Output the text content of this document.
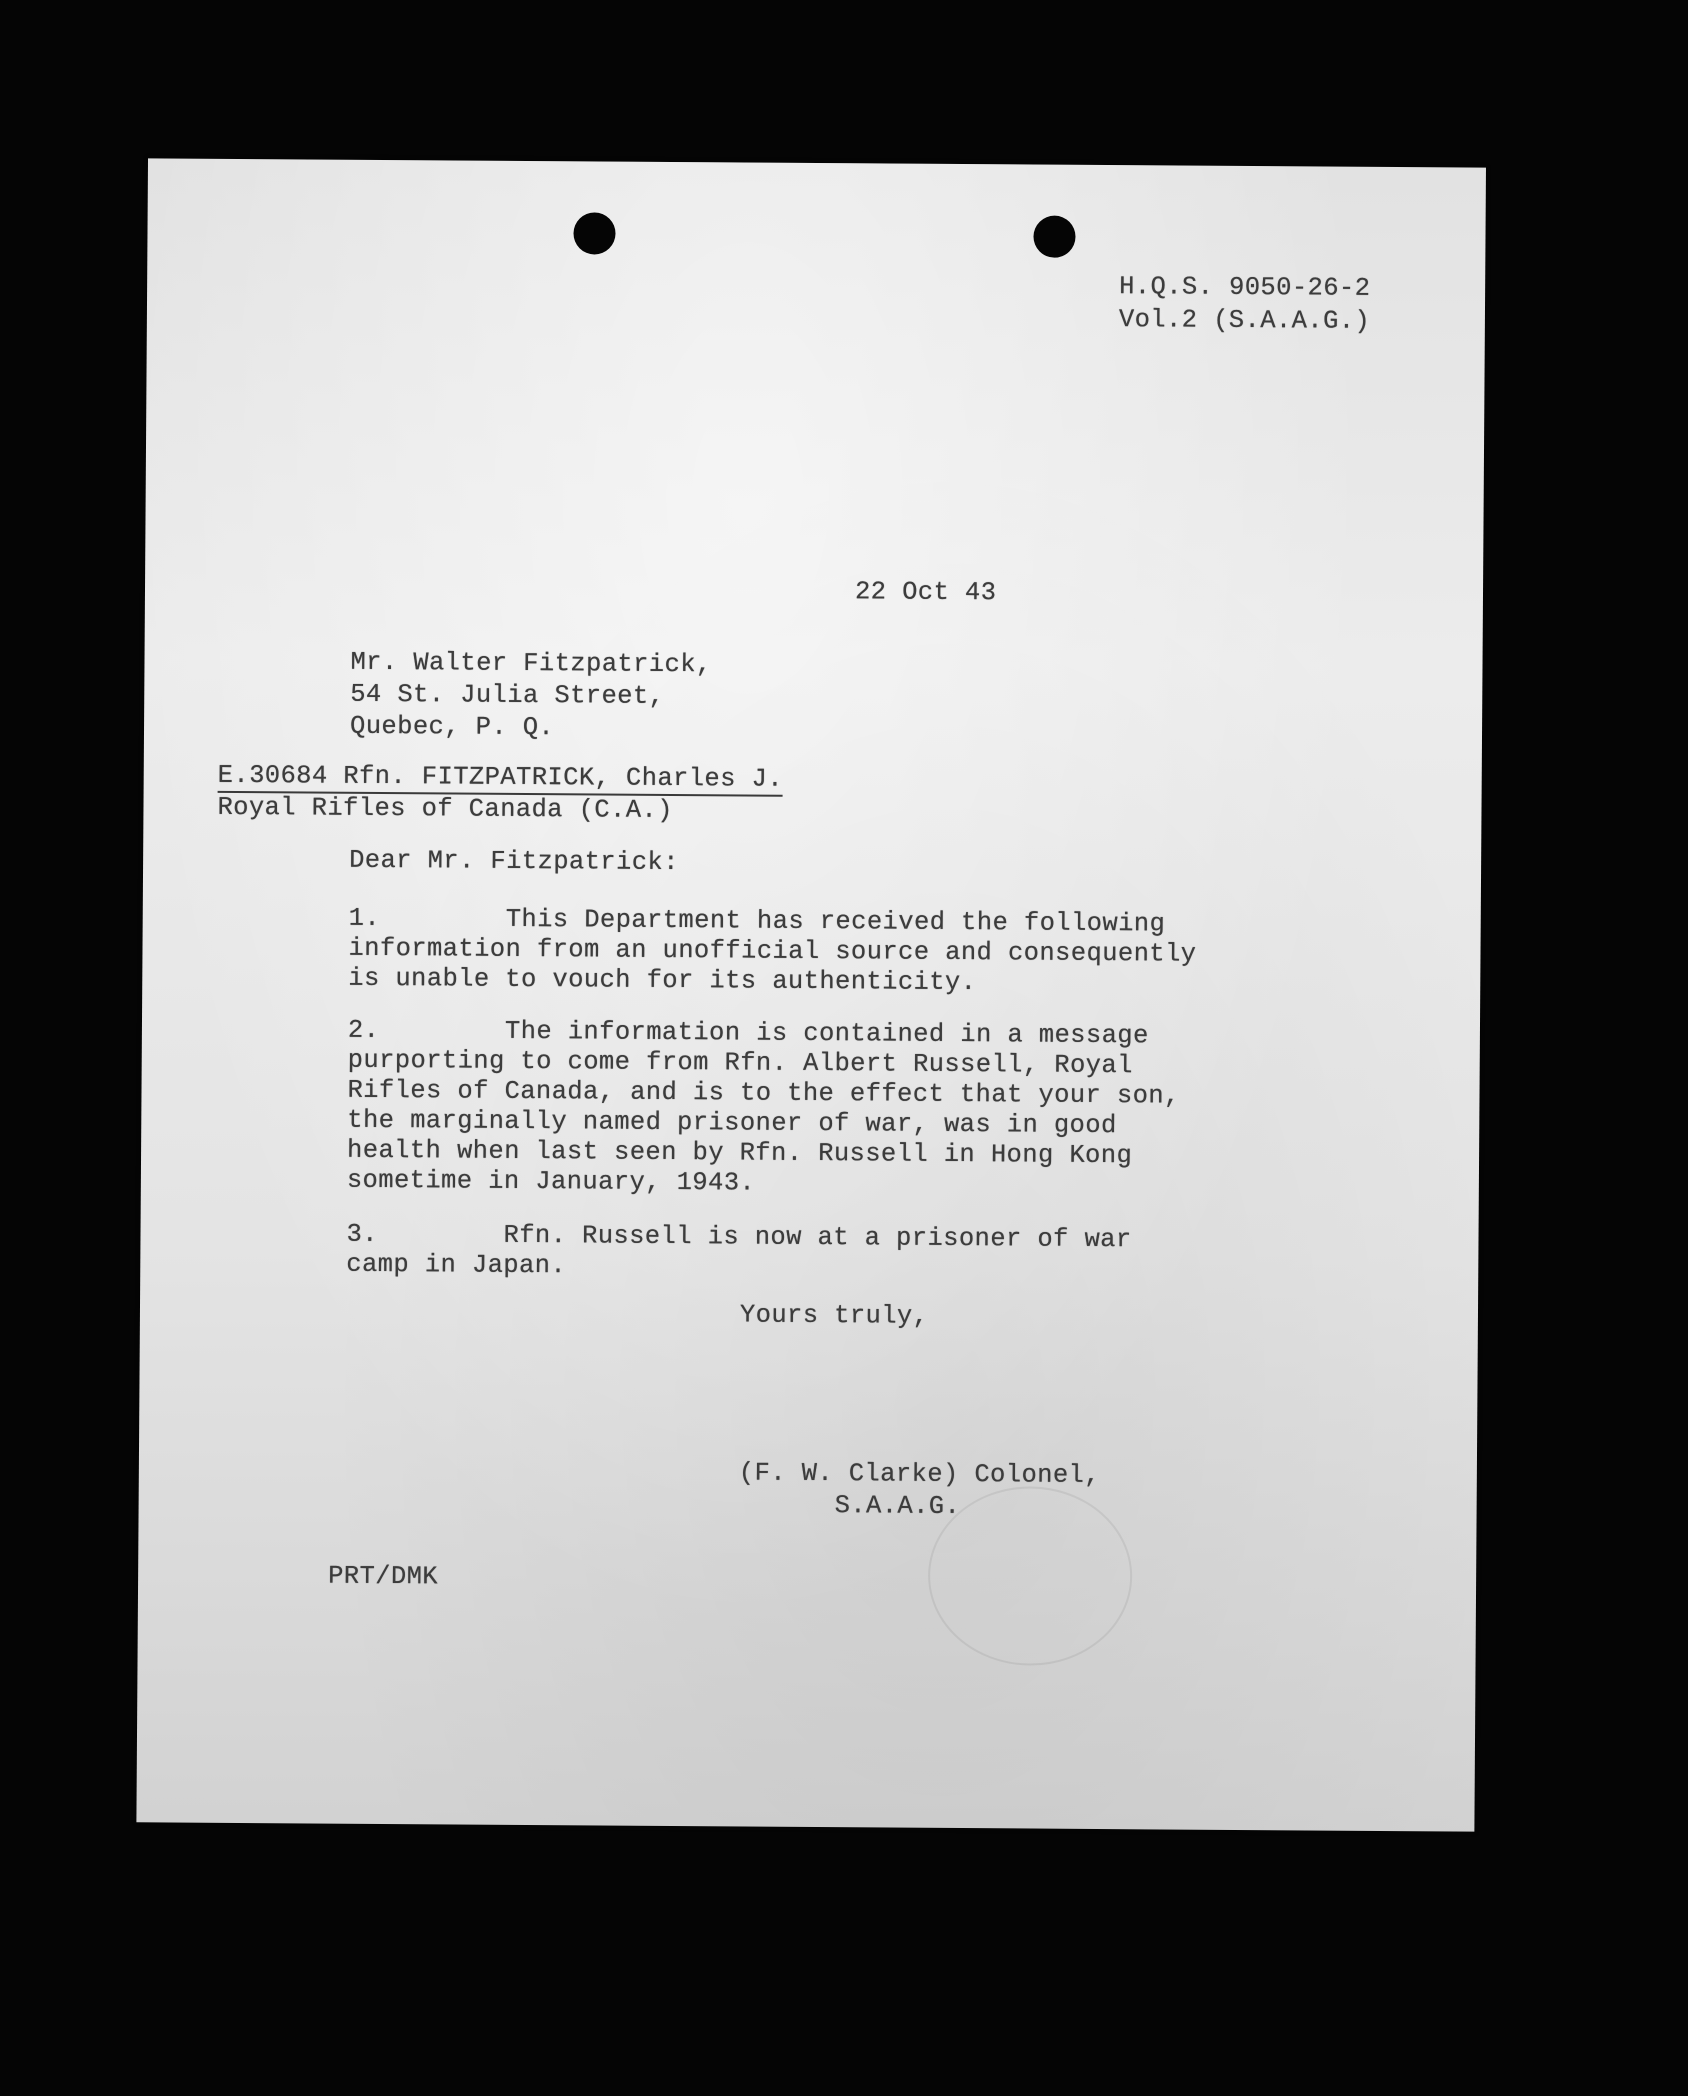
H.Q.S. 9050-26-2
Vol.2 (S.A.A.G.)
22 Oct 43
Mr. Walter Fitzpatrick,
54 St. Julia Street,
Quebec, P. Q.
E.30684 Rfn. FITZPATRICK, Charles J.
Royal Rifles of Canada (C.A.)
Dear Mr. Fitzpatrick:
1.        This Department has received the following
information from an unofficial source and consequently
is unable to vouch for its authenticity.
2.        The information is contained in a message
purporting to come from Rfn. Albert Russell, Royal
Rifles of Canada, and is to the effect that your son,
the marginally named prisoner of war, was in good
health when last seen by Rfn. Russell in Hong Kong
sometime in January, 1943.
3.        Rfn. Russell is now at a prisoner of war
camp in Japan.
Yours truly,
(F. W. Clarke) Colonel,
S.A.A.G.
PRT/DMK
